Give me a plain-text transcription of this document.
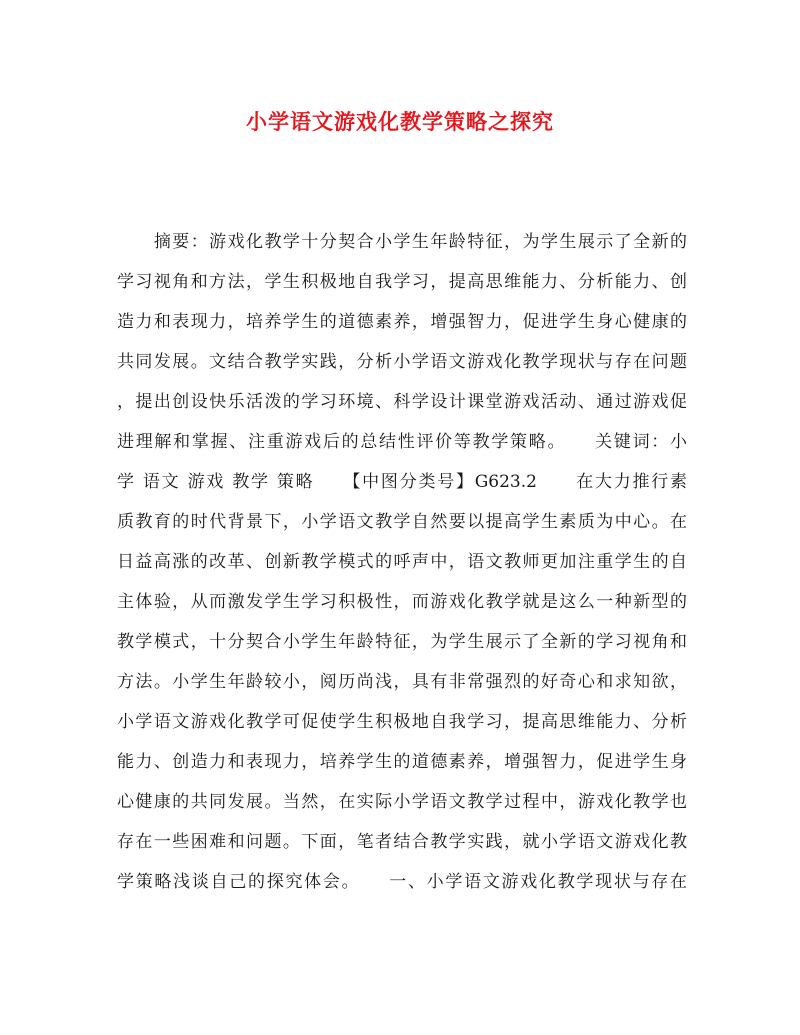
小学语文游戏化教学策略之探究
　　摘要：游戏化教学十分契合小学生年龄特征，为学生展示了全新的
学习视角和方法，学生积极地自我学习，提高思维能力、分析能力、创
造力和表现力，培养学生的道德素养，增强智力，促进学生身心健康的
共同发展。文结合教学实践，分析小学语文游戏化教学现状与存在问题
，提出创设快乐活泼的学习环境、科学设计课堂游戏活动、通过游戏促
进理解和掌握、注重游戏后的总结性评价等教学策略。　　关键词：小
学 语文 游戏 教学 策略　　【中图分类号】G623.2　　在大力推行素
质教育的时代背景下，小学语文教学自然要以提高学生素质为中心。在
日益高涨的改革、创新教学模式的呼声中，语文教师更加注重学生的自
主体验，从而激发学生学习积极性，而游戏化教学就是这么一种新型的
教学模式，十分契合小学生年龄特征，为学生展示了全新的学习视角和
方法。小学生年龄较小，阅历尚浅，具有非常强烈的好奇心和求知欲，
小学语文游戏化教学可促使学生积极地自我学习，提高思维能力、分析
能力、创造力和表现力，培养学生的道德素养，增强智力，促进学生身
心健康的共同发展。当然，在实际小学语文教学过程中，游戏化教学也
存在一些困难和问题。下面，笔者结合教学实践，就小学语文游戏化教
学策略浅谈自己的探究体会。　　一、小学语文游戏化教学现状与存在
